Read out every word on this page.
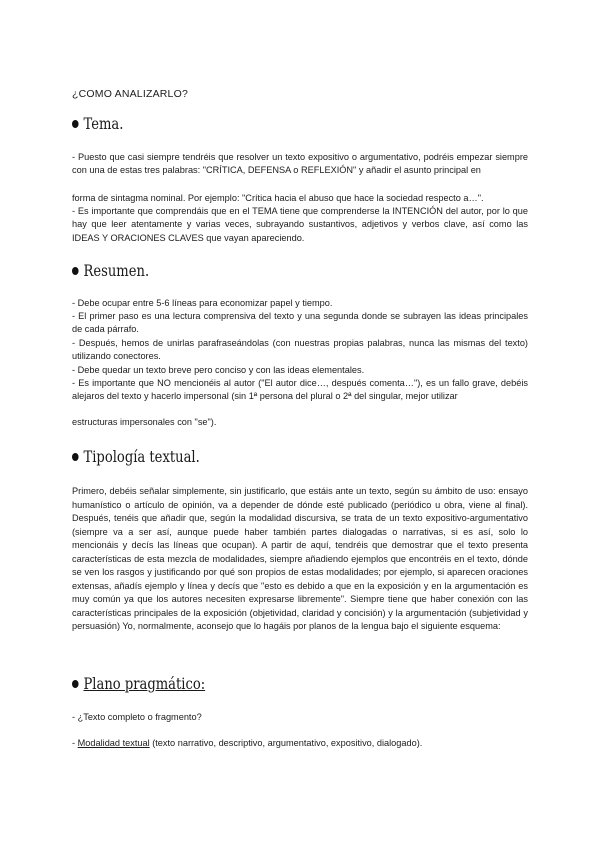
¿COMO ANALIZARLO?

Tema.

- Puesto que casi siempre tendréis que resolver un texto expositivo o argumentativo, podréis empezar siempre con una de estas tres palabras: "CRÍTICA, DEFENSA o REFLEXIÓN" y añadir el asunto principal en

forma de sintagma nominal. Por ejemplo: "Crítica hacia el abuso que hace la sociedad respecto a…".

- Es importante que comprendáis que en el TEMA tiene que comprenderse la INTENCIÓN del autor, por lo que hay que leer atentamente y varias veces, subrayando sustantivos, adjetivos y verbos clave, así como las IDEAS Y ORACIONES CLAVES que vayan apareciendo.

Resumen.

- Debe ocupar entre 5-6 líneas para economizar papel y tiempo.

- El primer paso es una lectura comprensiva del texto y una segunda donde se subrayen las ideas principales de cada párrafo.

- Después, hemos de unirlas parafraseándolas (con nuestras propias palabras, nunca las mismas del texto) utilizando conectores.

- Debe quedar un texto breve pero conciso y con las ideas elementales.

- Es importante que NO mencionéis al autor ("El autor dice…, después comenta…"), es un fallo grave, debéis alejaros del texto y hacerlo impersonal (sin 1ª persona del plural o 2ª del singular, mejor utilizar

estructuras impersonales con "se").

Tipología textual.

Primero, debéis señalar simplemente, sin justificarlo, que estáis ante un texto, según su ámbito de uso: ensayo humanístico o artículo de opinión, va a depender de dónde esté publicado (periódico u obra, viene al final). Después, tenéis que añadir que, según la modalidad discursiva, se trata de un texto expositivo-argumentativo (siempre va a ser así, aunque puede haber también partes dialogadas o narrativas, si es así, solo lo mencionáis y decís las líneas que ocupan). A partir de aquí, tendréis que demostrar que el texto presenta características de esta mezcla de modalidades, siempre añadiendo ejemplos que encontréis en el texto, dónde se ven los rasgos y justificando por qué son propios de estas modalidades; por ejemplo, si aparecen oraciones extensas, añadís ejemplo y línea y decís que "esto es debido a que en la exposición y en la argumentación es muy común ya que los autores necesiten expresarse libremente". Siempre tiene que haber conexión con las características principales de la exposición (objetividad, claridad y concisión) y la argumentación (subjetividad y persuasión) Yo, normalmente, aconsejo que lo hagáis por planos de la lengua bajo el siguiente esquema:

Plano pragmático:

- ¿Texto completo o fragmento?

- Modalidad textual (texto narrativo, descriptivo, argumentativo, expositivo, dialogado).
